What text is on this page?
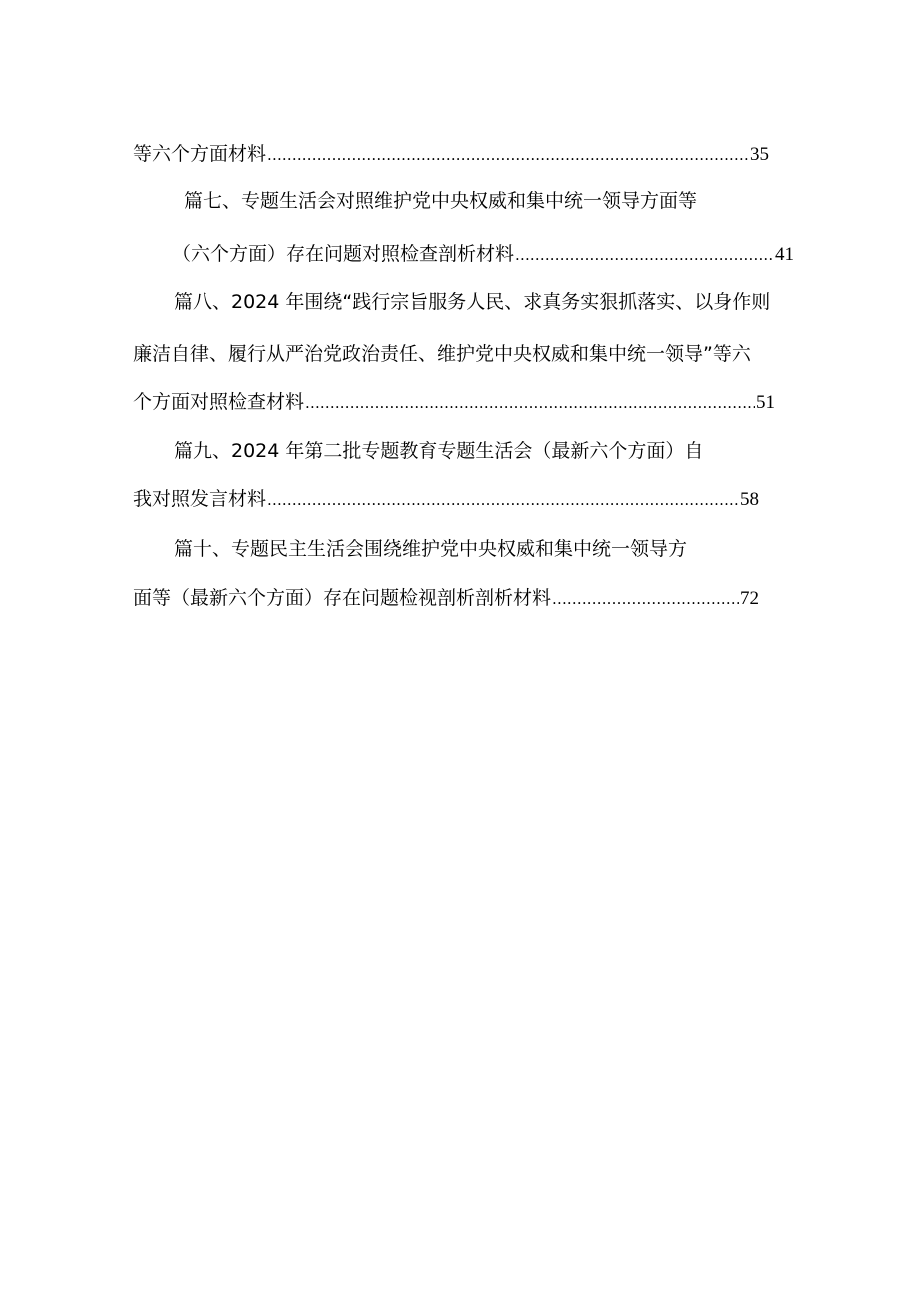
等六个方面材料 .....	35
篇七、专题生活会对照维护党中央权威和集中统一领导方面等
（六个方面）存在问题对照检查剖析材料 .....	41
篇八、2024 年围绕“践行宗旨服务人民、求真务实狠抓落实、以身作则
廉洁自律、履行从严治党政治责任、维护党中央权威和集中统一领导”等六
个方面对照检查材料 .....	51
篇九、2024 年第二批专题教育专题生活会（最新六个方面）自
我对照发言材料 .....	58
篇十、专题民主生活会围绕维护党中央权威和集中统一领导方
面等（最新六个方面）存在问题检视剖析剖析材料 .....	72
